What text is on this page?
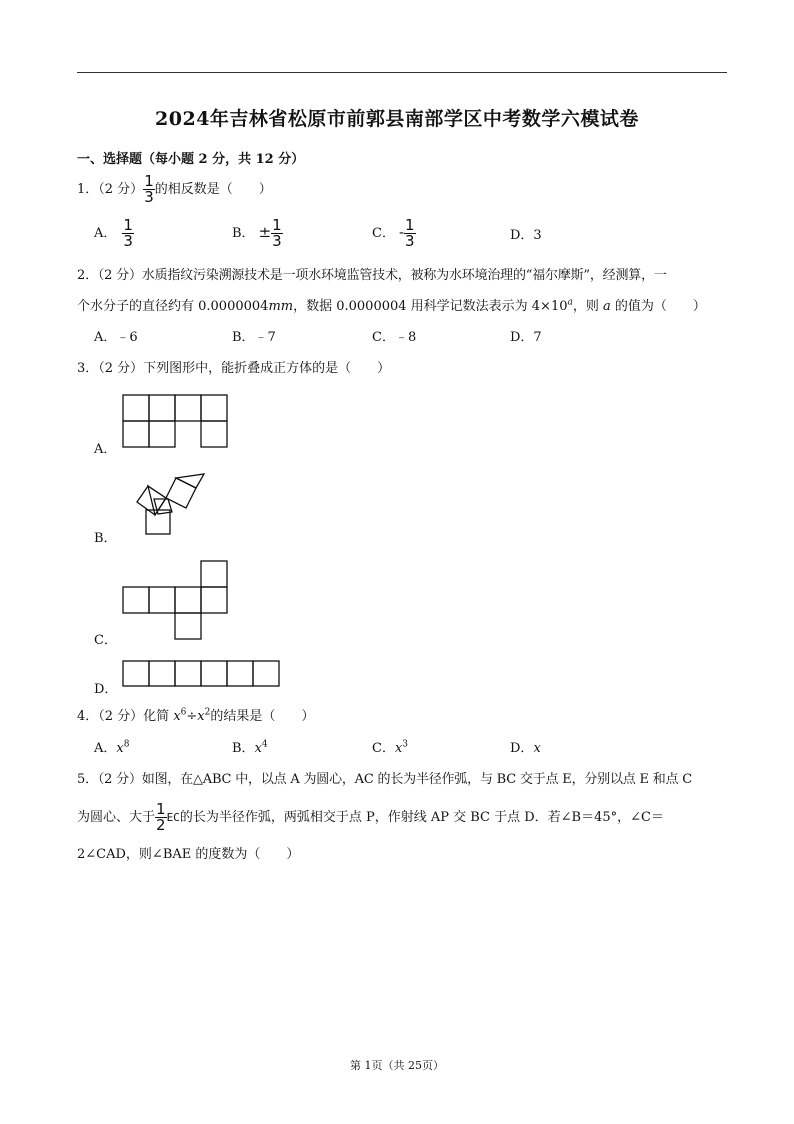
2024年吉林省松原市前郭县南部学区中考数学六模试卷
一、选择题（每小题 2 分，共 12 分）
1．（2 分） $\frac{1}{3}$ 的相反数是（　　）
A． $\frac{1}{3}$	B． ± $\frac{1}{3}$	C． - $\frac{1}{3}$	D．3
2．（2 分）水质指纹污染溯源技术是一项水环境监管技术，被称为水环境治理的“福尔摩斯”，经测算，一
个水分子的直径约有 0.0000004mm，数据 0.0000004 用科学记数法表示为 $4\times 10^a$，则 a 的值为（　　）
A．﹣6	B．﹣7	C．﹣8	D．7
3．（2 分）下列图形中，能折叠成正方体的是（　　）
A．
B．
C．
D．
4．（2 分）化简 $x^6\div x^2$的结果是（　　）
A．$x^8$	B．$x^4$	C．$x^3$	D．x
5．（2 分）如图，在△ABC 中，以点 A 为圆心，AC 的长为半径作弧，与 BC 交于点 E，分别以点 E 和点 C
为圆心、大于 $\frac{1}{2}$ EC的长为半径作弧，两弧相交于点 P，作射线 AP 交 BC 于点 D．若∠B＝45°，∠C＝
2∠CAD，则∠BAE 的度数为（　　）
第 1页（共 25页）
